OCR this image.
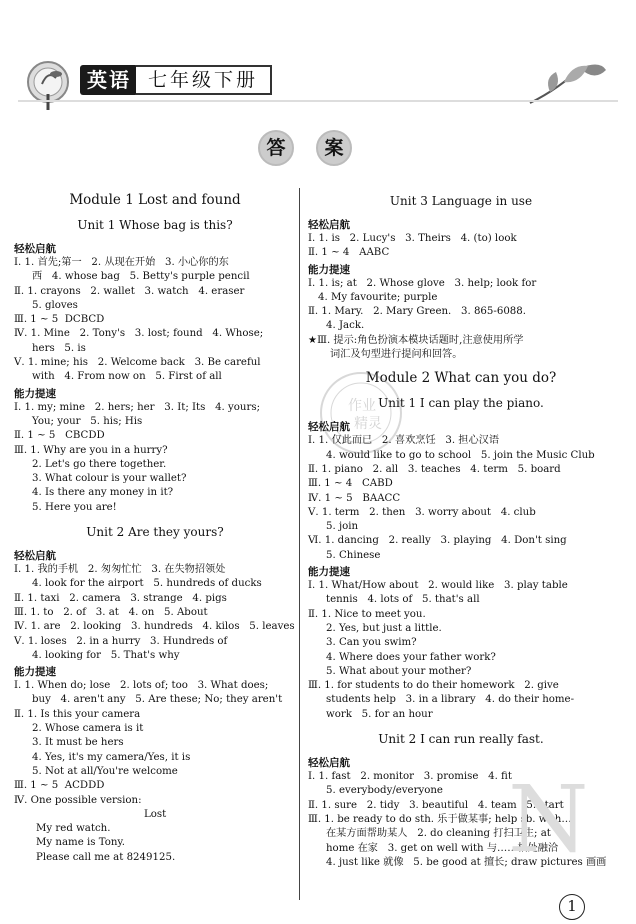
英语 七年级下册
答	案
Module 1 Lost and found
Unit 1 Whose bag is this?
轻松启航
Ⅰ. 1. 首先;第一   2. 从现在开始   3. 小心你的东
西   4. whose bag   5. Betty's purple pencil
Ⅱ. 1. crayons   2. wallet   3. watch   4. eraser
5. gloves
Ⅲ. 1 ~ 5  DCBCD
Ⅳ. 1. Mine   2. Tony's   3. lost; found   4. Whose;
hers   5. is
Ⅴ. 1. mine; his   2. Welcome back   3. Be careful
with   4. From now on   5. First of all
能力提速
Ⅰ. 1. my; mine   2. hers; her   3. It; Its   4. yours;
You; your   5. his; His
Ⅱ. 1 ~ 5   CBCDD
Ⅲ. 1. Why are you in a hurry?
2. Let's go there together.
3. What colour is your wallet?
4. Is there any money in it?
5. Here you are!
Unit 2 Are they yours?
轻松启航
Ⅰ. 1. 我的手机   2. 匆匆忙忙   3. 在失物招领处
4. look for the airport   5. hundreds of ducks
Ⅱ. 1. taxi   2. camera   3. strange   4. pigs
Ⅲ. 1. to   2. of   3. at   4. on   5. About
Ⅳ. 1. are   2. looking   3. hundreds   4. kilos   5. leaves
Ⅴ. 1. loses   2. in a hurry   3. Hundreds of
4. looking for   5. That's why
能力提速
Ⅰ. 1. When do; lose   2. lots of; too   3. What does;
buy   4. aren't any   5. Are these; No; they aren't
Ⅱ. 1. Is this your camera
2. Whose camera is it
3. It must be hers
4. Yes, it's my camera/Yes, it is
5. Not at all/You're welcome
Ⅲ. 1 ~ 5  ACDDD
Ⅳ. One possible version:
Lost
My red watch.
My name is Tony.
Please call me at 8249125.
Unit 3 Language in use
轻松启航
Ⅰ. 1. is   2. Lucy's   3. Theirs   4. (to) look
Ⅱ. 1 ~ 4   AABC
能力提速
Ⅰ. 1. is; at   2. Whose glove   3. help; look for
4. My favourite; purple
Ⅱ. 1. Mary.   2. Mary Green.   3. 865-6088.
4. Jack.
★Ⅲ. 提示:角色扮演本模块话题时,注意使用所学
词汇及句型进行提问和回答。
Module 2 What can you do?
Unit 1 I can play the piano.
轻松启航
Ⅰ. 1. 仅此而已   2. 喜欢烹饪   3. 担心汉语
4. would like to go to school   5. join the Music Club
Ⅱ. 1. piano   2. all   3. teaches   4. term   5. board
Ⅲ. 1 ~ 4   CABD
Ⅳ. 1 ~ 5   BAACC
Ⅴ. 1. term   2. then   3. worry about   4. club
5. join
Ⅵ. 1. dancing   2. really   3. playing   4. Don't sing
5. Chinese
能力提速
Ⅰ. 1. What/How about   2. would like   3. play table
tennis   4. lots of   5. that's all
Ⅱ. 1. Nice to meet you.
2. Yes, but just a little.
3. Can you swim?
4. Where does your father work?
5. What about your mother?
Ⅲ. 1. for students to do their homework   2. give
students help   3. in a library   4. do their home-
work   5. for an hour
Unit 2 I can run really fast.
轻松启航
Ⅰ. 1. fast   2. monitor   3. promise   4. fit
5. everybody/everyone
Ⅱ. 1. sure   2. tidy   3. beautiful   4. team   5. start
Ⅲ. 1. be ready to do sth. 乐于做某事; help sb. with…
在某方面帮助某人   2. do cleaning 打扫卫生; at
home 在家   3. get on well with 与……相处融洽
4. just like 就像   5. be good at 擅长; draw pictures 画画
作业
精灵
N
1
